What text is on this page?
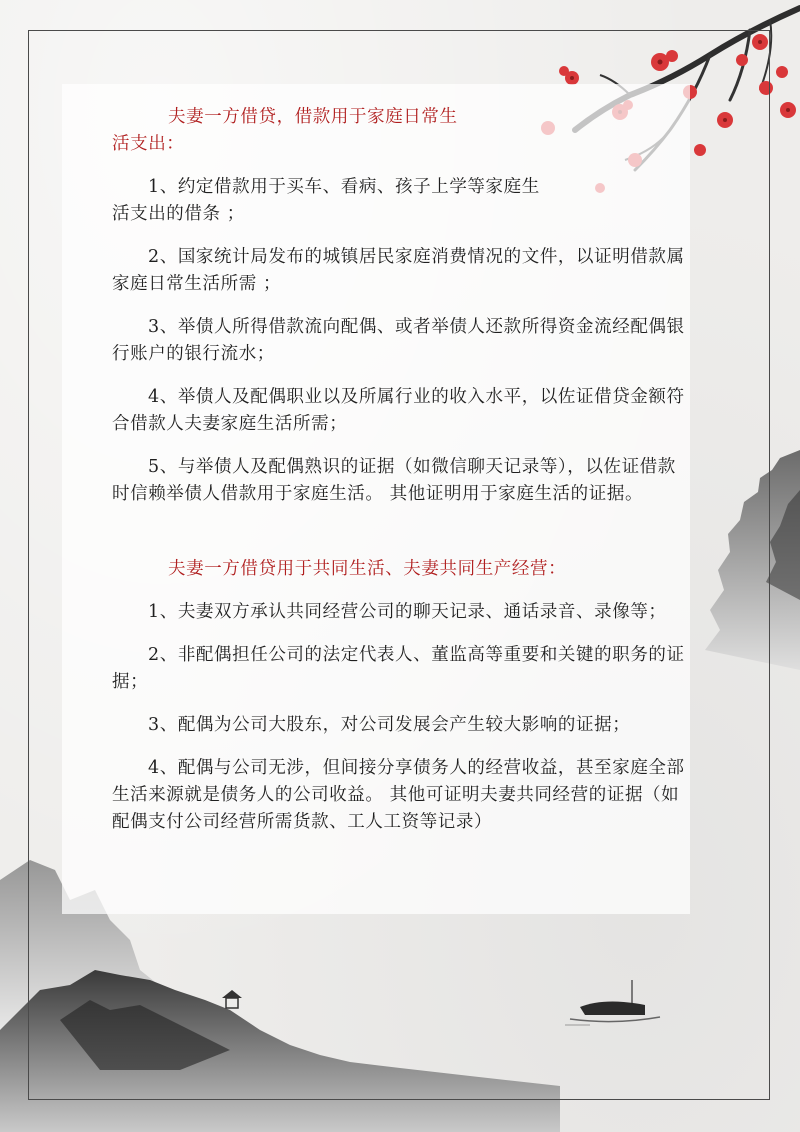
夫妻一方借贷，借款用于家庭日常生
活支出：

1、约定借款用于买车、看病、孩子上学等家庭生活支出的借条 ；

2、国家统计局发布的城镇居民家庭消费情况的文件，以证明借款属家庭日常生活所需 ；

3、举债人所得借款流向配偶、或者举债人还款所得资金流经配偶银行账户的银行流水；

4、举债人及配偶职业以及所属行业的收入水平，以佐证借贷金额符合借款人夫妻家庭生活所需；

5、与举债人及配偶熟识的证据（如微信聊天记录等），以佐证借款时信赖举债人借款用于家庭生活。 其他证明用于家庭生活的证据。

夫妻一方借贷用于共同生活、夫妻共同生产经营：

1、夫妻双方承认共同经营公司的聊天记录、通话录音、录像等；

2、非配偶担任公司的法定代表人、董监高等重要和关键的职务的证据；

3、配偶为公司大股东，对公司发展会产生较大影响的证据；

4、配偶与公司无涉，但间接分享债务人的经营收益，甚至家庭全部生活来源就是债务人的公司收益。 其他可证明夫妻共同经营的证据（如配偶支付公司经营所需货款、工人工资等记录）
